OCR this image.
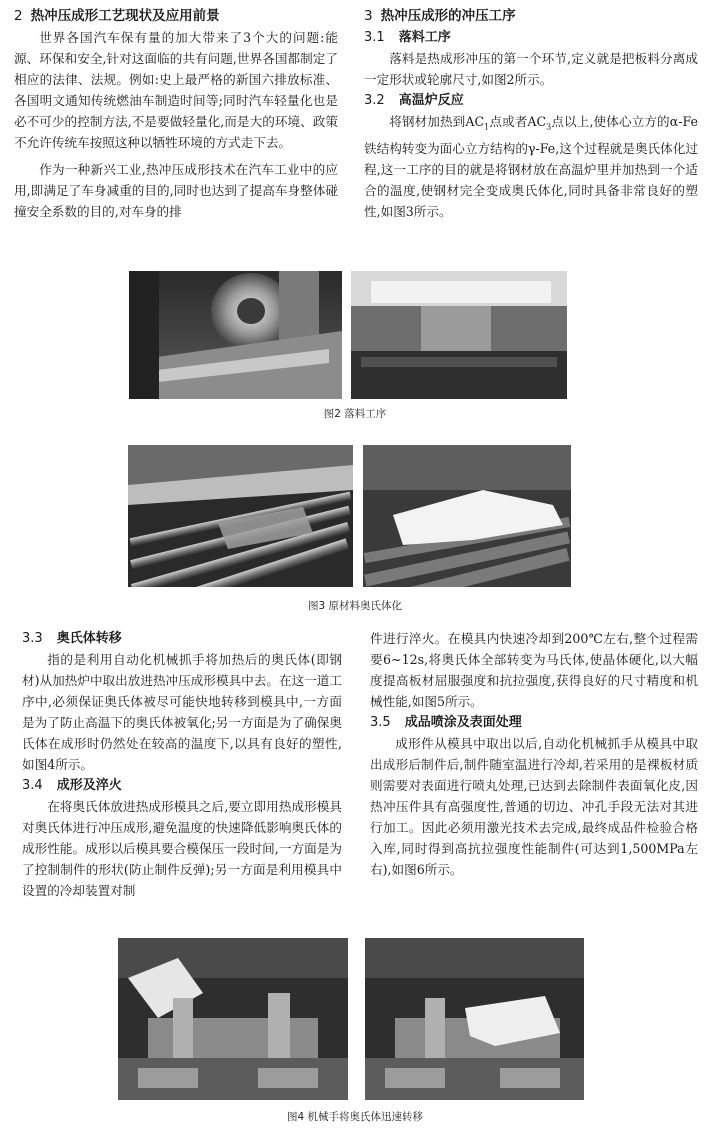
2 热冲压成形工艺现状及应用前景

世界各国汽车保有量的加大带来了3个大的问题:能源、环保和安全,针对这面临的共有问题,世界各国都制定了相应的法律、法规。例如:史上最严格的新国六排放标准、各国明文通知传统燃油车制造时间等;同时汽车轻量化也是必不可少的控制方法,不是要做轻量化,而是大的环境、政策不允许传统车按照这种以牺牲环境的方式走下去。

作为一种新兴工业,热冲压成形技术在汽车工业中的应用,即满足了车身减重的目的,同时也达到了提高车身整体碰撞安全系数的目的,对车身的排

3 热冲压成形的冲压工序
3.1 落料工序

落料是热成形冲压的第一个环节,定义就是把板料分离成一定形状或轮廓尺寸,如图2所示。

3.2 高温炉反应

将钢材加热到$AC_1$点或者$AC_3$点以上,使体心立方的α-Fe铁结构转变为面心立方结构的γ-Fe,这个过程就是奥氏体化过程,这一工序的目的就是将钢材放在高温炉里并加热到一个适合的温度,使钢材完全变成奥氏体化,同时具备非常良好的塑性,如图3所示。

图2 落料工序
图3 原材料奥氏体化
3.3 奥氏体转移

指的是利用自动化机械抓手将加热后的奥氏体(即钢材)从加热炉中取出放进热冲压成形模具中去。在这一道工序中,必须保证奥氏体被尽可能快地转移到模具中,一方面是为了防止高温下的奥氏体被氧化;另一方面是为了确保奥氏体在成形时仍然处在较高的温度下,以具有良好的塑性,如图4所示。

3.4 成形及淬火

在将奥氏体放进热成形模具之后,要立即用热成形模具对奥氏体进行冲压成形,避免温度的快速降低影响奥氏体的成形性能。成形以后模具要合模保压一段时间,一方面是为了控制制件的形状(防止制件反弹);另一方面是利用模具中设置的冷却装置对制

件进行淬火。在模具内快速冷却到200℃左右,整个过程需要6~12s,将奥氏体全部转变为马氏体,使晶体硬化,以大幅度提高板材屈服强度和抗拉强度,获得良好的尺寸精度和机械性能,如图5所示。

3.5 成品喷涂及表面处理

成形件从模具中取出以后,自动化机械抓手从模具中取出成形后制件后,制件随室温进行冷却,若采用的是裸板材质则需要对表面进行喷丸处理,已达到去除制件表面氧化皮,因热冲压件具有高强度性,普通的切边、冲孔手段无法对其进行加工。因此必须用激光技术去完成,最终成品件检验合格入库,同时得到高抗拉强度性能制件(可达到1,500MPa左右),如图6所示。

图4 机械手将奥氏体迅速转移
